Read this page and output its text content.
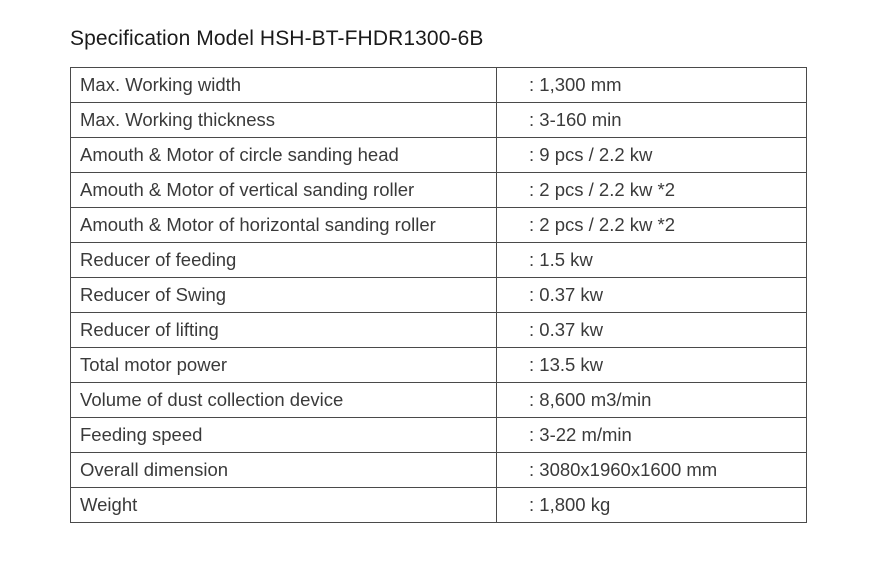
Specification Model HSH-BT-FHDR1300-6B
Max. Working width	: 1,300 mm
Max. Working thickness	: 3-160 min
Amouth & Motor of circle sanding head	: 9 pcs / 2.2 kw
Amouth & Motor of vertical sanding roller	: 2 pcs / 2.2 kw *2
Amouth & Motor of horizontal sanding roller	: 2 pcs / 2.2 kw *2
Reducer of feeding	: 1.5 kw
Reducer of Swing	: 0.37 kw
Reducer of lifting	: 0.37 kw
Total motor power	: 13.5 kw
Volume of dust collection device	: 8,600 m3/min
Feeding speed	: 3-22 m/min
Overall dimension	: 3080x1960x1600 mm
Weight	: 1,800 kg
